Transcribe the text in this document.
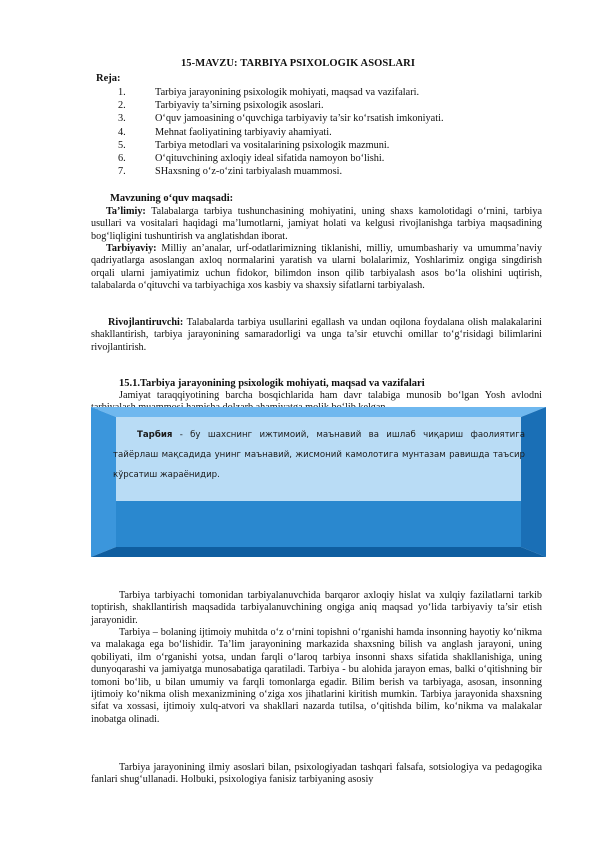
15-MAVZU: TARBIYA PSIXOLOGIK ASOSLARI
Reja:
1.	Tarbiya jarayonining psixologik mohiyati, maqsad va vazifalari.
2.	Tarbiyaviy ta’sirning psixologik asoslari.
3.	O‘quv jamoasining o‘quvchiga tarbiyaviy ta’sir ko‘rsatish imkoniyati.
4.	Mehnat faoliyatining tarbiyaviy ahamiyati.
5.	Tarbiya metodlari va vositalarining psixologik mazmuni.
6.	O‘qituvchining axloqiy ideal sifatida namoyon bo‘lishi.
7.	SHaxsning o‘z-o‘zini tarbiyalash muammosi.
Mavzuning o‘quv maqsadi:
Ta’limiy: Talabalarga tarbiya tushunchasining mohiyatini, uning shaxs kamolotidagi o‘rnini, tarbiya usullari va vositalari haqidagi ma’lumotlarni, jamiyat holati va kelgusi rivojlanishga tarbiya maqsadining bog‘liqligini tushuntirish va anglatishdan iborat.
Tarbiyaviy: Milliy an’analar, urf-odatlarimizning tiklanishi, milliy, umumbashariy va umumma’naviy qadriyatlarga asoslangan axloq normalarini yaratish va ularni bolalarimiz, Yoshlarimiz ongiga singdirish orqali ularni jamiyatimiz uchun fidokor, bilimdon inson qilib tarbiyalash asos bo‘la olishini uqtirish, talabalarda o‘qituvchi va tarbiyachiga xos kasbiy va shaxsiy sifatlarni tarbiyalash.
Rivojlantiruvchi: Talabalarda tarbiya usullarini egallash va undan oqilona foydalana olish malakalarini shakllantirish, tarbiya jarayonining samaradorligi va unga ta’sir etuvchi omillar to‘g‘risidagi bilimlarini rivojlantirish.
15.1.Tarbiya jarayonining psixologik mohiyati, maqsad va vazifalari
Jamiyat taraqqiyotining barcha bosqichlarida ham davr talabiga munosib bo‘lgan Yosh avlodni
Тарбия - бу шахснинг ижтимоий, маънавий ва ишлаб чиқариш фаолиятига тайёрлаш мақсадида унинг маънавий, жисмоний камолотига мунтазам равишда таъсир кўрсатиш жараёнидир.
Tarbiya tarbiyachi tomonidan tarbiyalanuvchida barqaror axloqiy hislat va xulqiy fazilatlarni tarkib toptirish, shakllantirish maqsadida tarbiyalanuvchining ongiga aniq maqsad yo‘lida tarbiyaviy ta’sir etish jarayonidir.
Tarbiya – bolaning ijtimoiy muhitda o‘z o‘rnini topishni o‘rganishi hamda insonning hayotiy ko‘nikma va malakaga ega bo‘lishidir. Ta’lim jarayonining markazida shaxsning bilish va anglash jarayoni, uning qobiliyati, ilm o‘rganishi yotsa, undan farqli o‘laroq tarbiya insonni shaxs sifatida shakllanishiga, uning dunyoqarashi va jamiyatga munosabatiga qaratiladi. Tarbiya - bu alohida jarayon emas, balki o‘qitishning bir tomoni bo‘lib, u bilan umumiy va farqli tomonlarga egadir. Bilim berish va tarbiyaga, asosan, insonning ijtimoiy ko‘nikma olish mexanizmining o‘ziga xos jihatlarini kiritish mumkin. Tarbiya jarayonida shaxsning sifat va xossasi, ijtimoiy xulq-atvori va shakllari nazarda tutilsa, o‘qitishda bilim, ko‘nikma va malakalar inobatga olinadi.
Tarbiya jarayonining ilmiy asoslari bilan, psixologiyadan tashqari falsafa, sotsiologiya va pedagogika fanlari shug‘ullanadi. Holbuki, psixologiya fanisiz tarbiyaning asosiy
